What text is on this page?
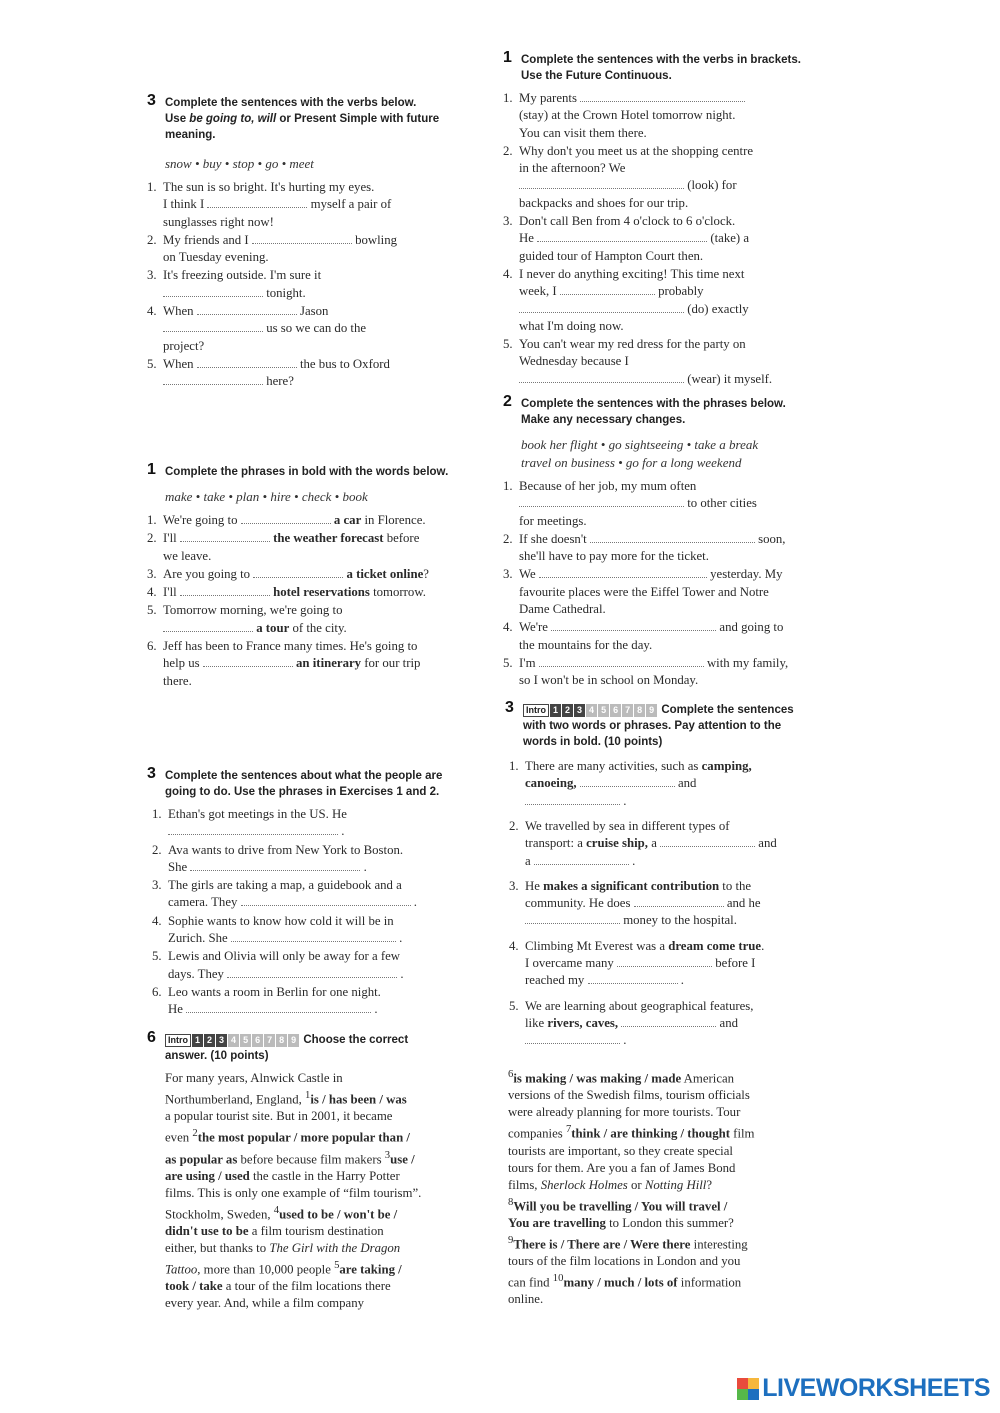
3 Complete the sentences with the verbs below.
Use be going to, will or Present Simple with future
meaning.
snow • buy • stop • go • meet
1. The sun is so bright. It's hurting my eyes.
I think I	myself a pair of
sunglasses right now!
2. My friends and I	bowling
on Tuesday evening.
3. It's freezing outside. I'm sure it
tonight.
4. When	Jason
us so we can do the
project?
5. When	the bus to Oxford
here?
1 Complete the sentences with the verbs in brackets.
Use the Future Continuous.
1. My parents
(stay) at the Crown Hotel tomorrow night.
You can visit them there.
2. Why don't you meet us at the shopping centre
in the afternoon? We
(look) for
backpacks and shoes for our trip.
3. Don't call Ben from 4 o'clock to 6 o'clock.
He	(take) a
guided tour of Hampton Court then.
4. I never do anything exciting! This time next
week, I	probably
(do) exactly
what I'm doing now.
5. You can't wear my red dress for the party on
Wednesday because I
(wear) it myself.
2 Complete the sentences with the phrases below.
Make any necessary changes.
book her flight • go sightseeing • take a break
travel on business • go for a long weekend
1. Because of her job, my mum often
to other cities
for meetings.
2. If she doesn't	soon,
she'll have to pay more for the ticket.
3. We	yesterday. My
favourite places were the Eiffel Tower and Notre
Dame Cathedral.
4. We're	and going to
the mountains for the day.
5. I'm	with my family,
so I won't be in school on Monday.
1 Complete the phrases in bold with the words below.
make • take • plan • hire • check • book
1. We're going to	a car in Florence.
2. I'll	the weather forecast before
we leave.
3. Are you going to	a ticket online?
4. I'll	hotel reservations tomorrow.
5. Tomorrow morning, we're going to
a tour of the city.
6. Jeff has been to France many times. He's going to
help us	an itinerary for our trip
there.
3 Complete the sentences about what the people are
going to do. Use the phrases in Exercises 1 and 2.
1. Ethan's got meetings in the US. He
.
2. Ava wants to drive from New York to Boston.
She	.
3. The girls are taking a map, a guidebook and a
camera. They	.
4. Sophie wants to know how cold it will be in
Zurich. She	.
5. Lewis and Olivia will only be away for a few
days. They	.
6. Leo wants a room in Berlin for one night.
He	.
3	Intro 1 2 3 4 5 6 7 8 9 Complete the sentences
with two words or phrases. Pay attention to the
words in bold. (10 points)
1. There are many activities, such as camping,
canoeing,	and
.
2. We travelled by sea in different types of
transport: a cruise ship, a	and
a	.
3. He makes a significant contribution to the
community. He does	and he
money to the hospital.
4. Climbing Mt Everest was a dream come true.
I overcame many	before I
reached my	.
5. We are learning about geographical features,
like rivers, caves,	and
.
6	Intro 1 2 3 4 5 6 7 8 9 Choose the correct
answer. (10 points)
For many years, Alnwick Castle in
Northumberland, England, $^1$is / has been / was
a popular tourist site. But in 2001, it became
even $^2$the most popular / more popular than /
as popular as before because film makers $^3$use /
are using / used the castle in the Harry Potter
films. This is only one example of “film tourism”.
Stockholm, Sweden, $^4$used to be / won't be /
didn't use to be a film tourism destination
either, but thanks to The Girl with the Dragon
Tattoo, more than 10,000 people $^5$are taking /
took / take a tour of the film locations there
every year. And, while a film company
$^6$is making / was making / made American
versions of the Swedish films, tourism officials
were already planning for more tourists. Tour
companies $^7$think / are thinking / thought film
tourists are important, so they create special
tours for them. Are you a fan of James Bond
films, Sherlock Holmes or Notting Hill?
$^8$Will you be travelling / You will travel /
You are travelling to London this summer?
$^9$There is / There are / Were there interesting
tours of the film locations in London and you
can find $^{10}$many / much / lots of information
online.
LIVEWORKSHEETS
